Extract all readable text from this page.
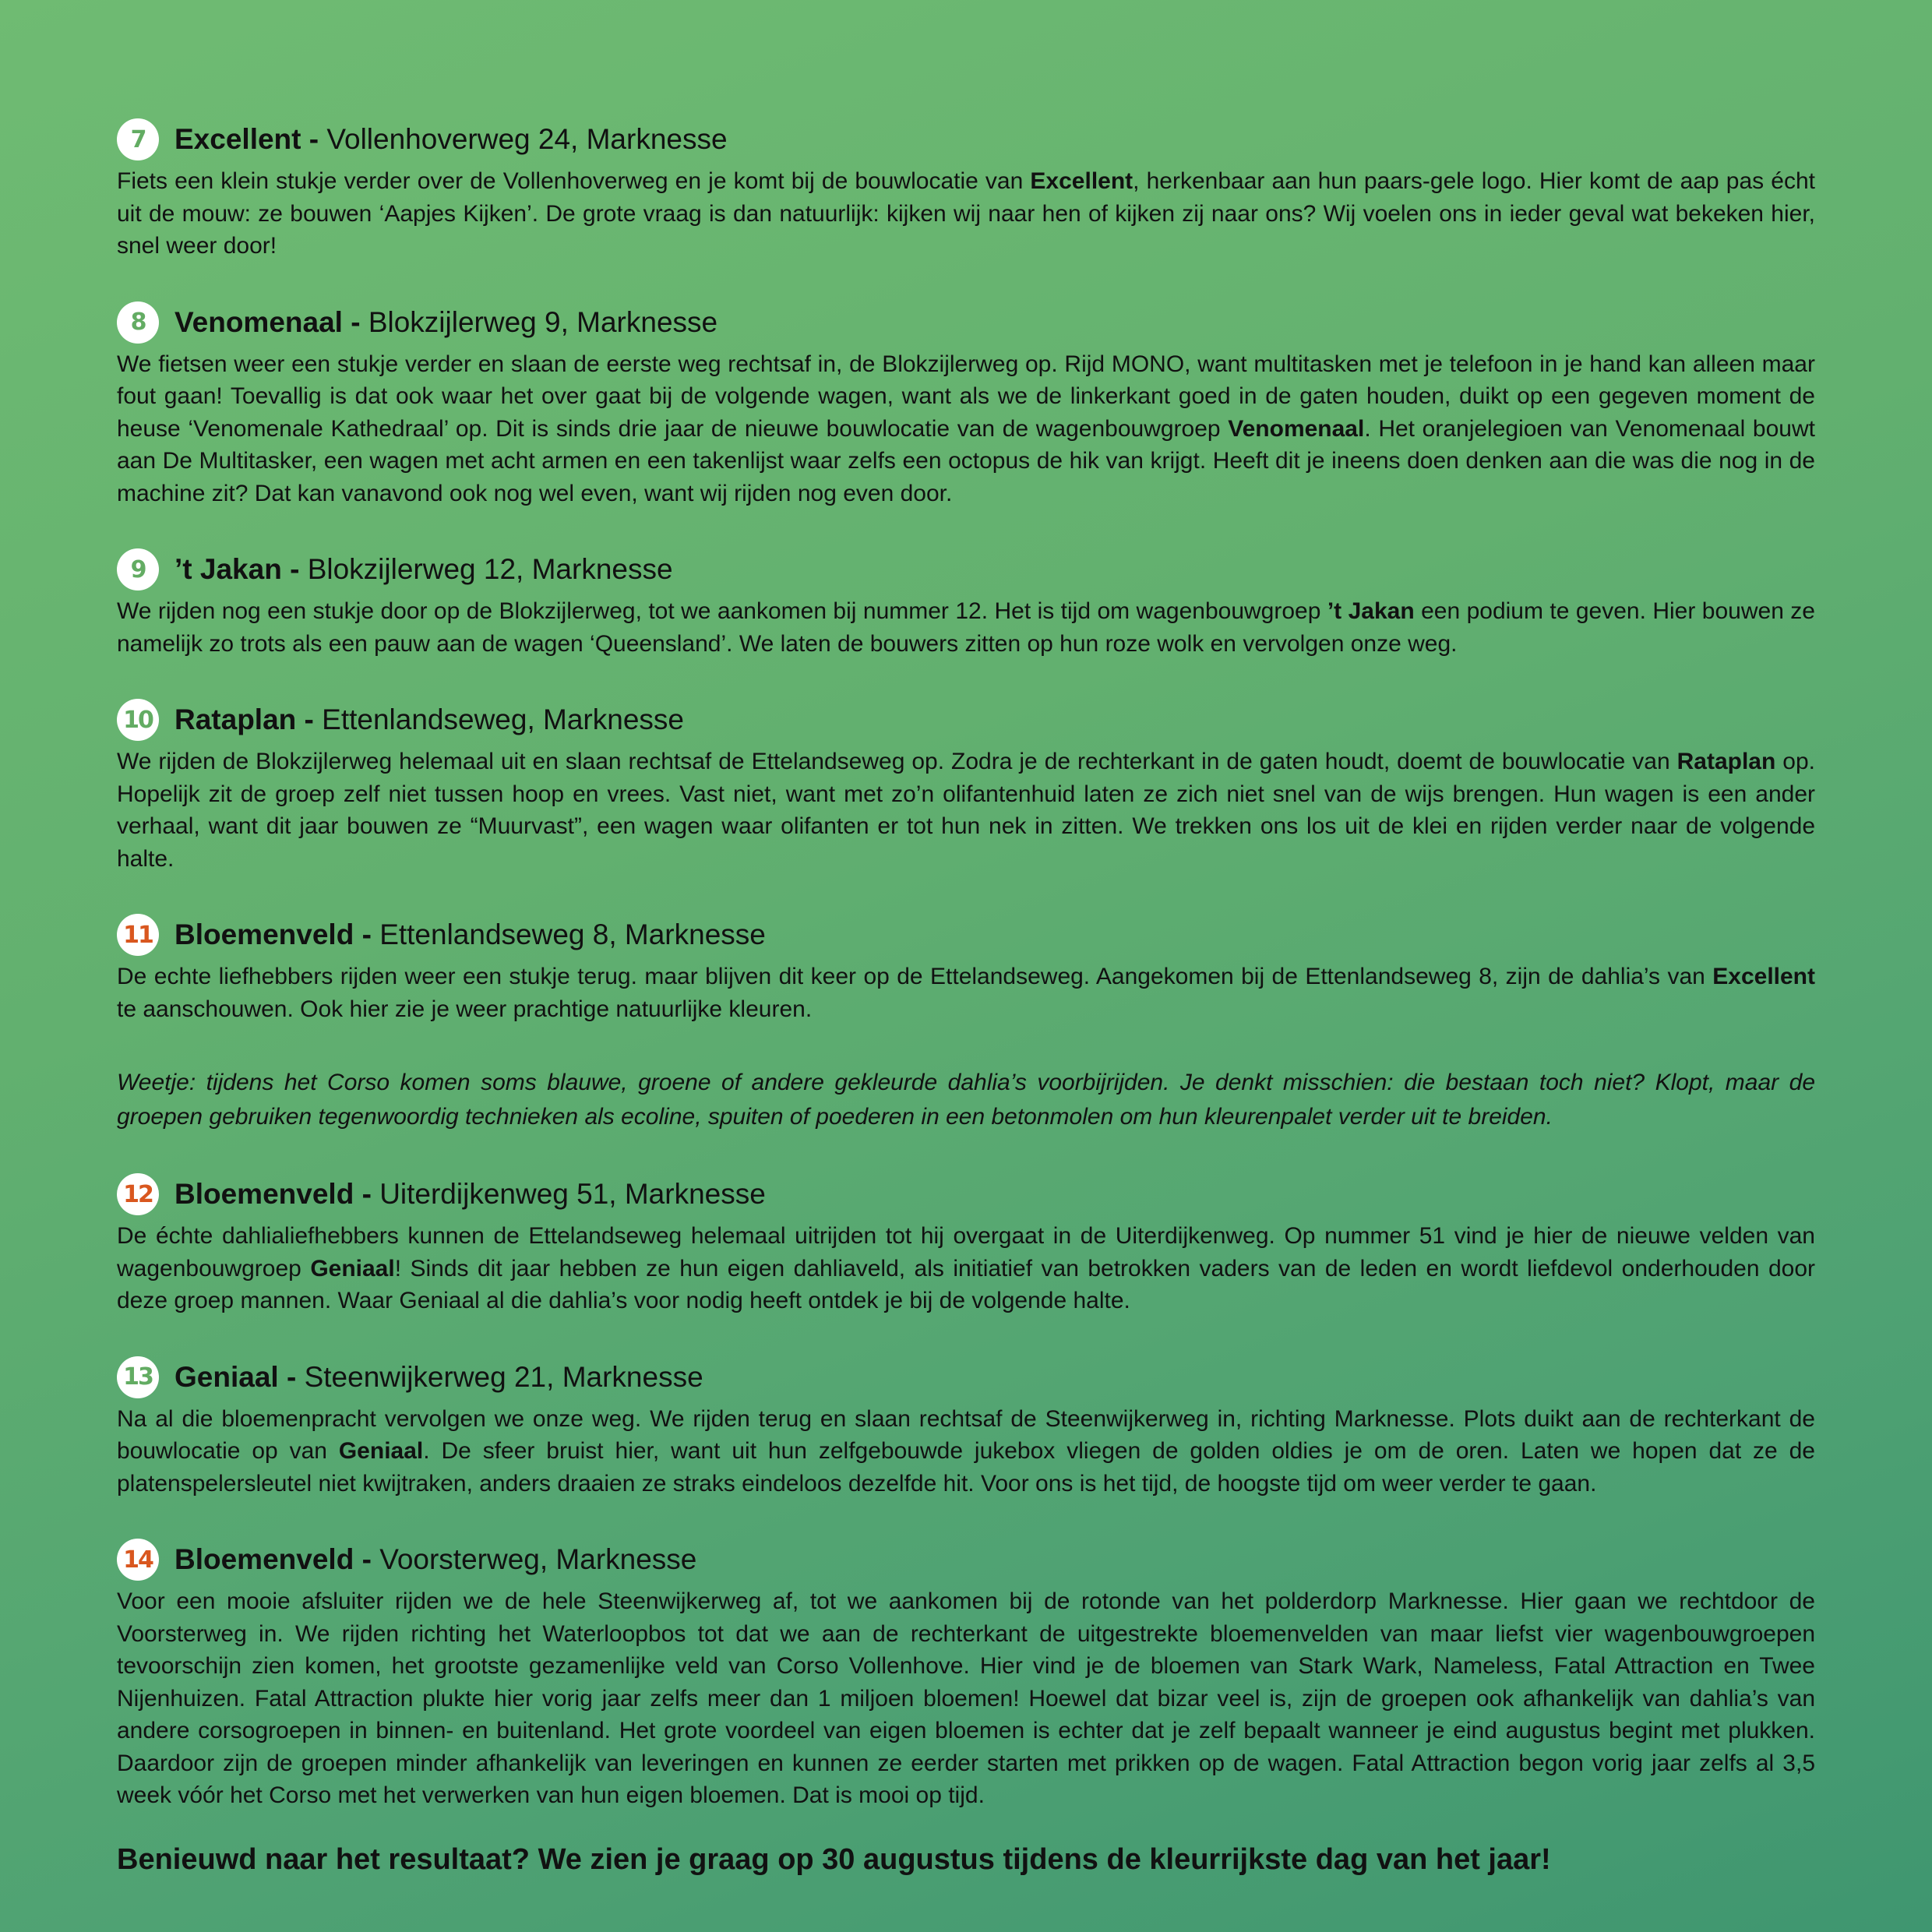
7	Excellent - Vollenhoverweg 24, Marknesse

Fiets een klein stukje verder over de Vollenhoverweg en je komt bij de bouwlocatie van Excellent, herkenbaar aan hun paars-gele logo. Hier komt de aap pas écht uit de mouw: ze bouwen ‘Aapjes Kijken’. De grote vraag is dan natuurlijk: kijken wij naar hen of kijken zij naar ons? Wij voelen ons in ieder geval wat bekeken hier, snel weer door!

8	Venomenaal - Blokzijlerweg 9, Marknesse

We fietsen weer een stukje verder en slaan de eerste weg rechtsaf in, de Blokzijlerweg op. Rijd MONO, want multitasken met je telefoon in je hand kan alleen maar fout gaan! Toevallig is dat ook waar het over gaat bij de volgende wagen, want als we de linkerkant goed in de gaten houden, duikt op een gegeven moment de heuse ‘Venomenale Kathedraal’ op. Dit is sinds drie jaar de nieuwe bouwlocatie van de wagenbouwgroep Venomenaal. Het oranjelegioen van Venomenaal bouwt aan De Multitasker, een wagen met acht armen en een takenlijst waar zelfs een octopus de hik van krijgt. Heeft dit je ineens doen denken aan die was die nog in de machine zit? Dat kan vanavond ook nog wel even, want wij rijden nog even door.

9	’t Jakan - Blokzijlerweg 12, Marknesse

We rijden nog een stukje door op de Blokzijlerweg, tot we aankomen bij nummer 12. Het is tijd om wagenbouwgroep ’t Jakan een podium te geven. Hier bouwen ze namelijk zo trots als een pauw aan de wagen ‘Queensland’. We laten de bouwers zitten op hun roze wolk en vervolgen onze weg.

10 Rataplan - Ettenlandseweg, Marknesse

We rijden de Blokzijlerweg helemaal uit en slaan rechtsaf de Ettelandseweg op. Zodra je de rechterkant in de gaten houdt, doemt de bouwlocatie van Rataplan op. Hopelijk zit de groep zelf niet tussen hoop en vrees. Vast niet, want met zo’n olifantenhuid laten ze zich niet snel van de wijs brengen. Hun wagen is een ander verhaal, want dit jaar bouwen ze “Muurvast”, een wagen waar olifanten er tot hun nek in zitten. We trekken ons los uit de klei en rijden verder naar de volgende halte.

11 Bloemenveld - Ettenlandseweg 8, Marknesse

De echte liefhebbers rijden weer een stukje terug. maar blijven dit keer op de Ettelandseweg. Aangekomen bij de Ettenlandseweg 8, zijn de dahlia’s van Excellent te aanschouwen. Ook hier zie je weer prachtige natuurlijke kleuren.

Weetje: tijdens het Corso komen soms blauwe, groene of andere gekleurde dahlia’s voorbijrijden. Je denkt misschien: die bestaan toch niet? Klopt, maar de groepen gebruiken tegenwoordig technieken als ecoline, spuiten of poederen in een betonmolen om hun kleurenpalet verder uit te breiden.

12 Bloemenveld - Uiterdijkenweg 51, Marknesse

De échte dahlialiefhebbers kunnen de Ettelandseweg helemaal uitrijden tot hij overgaat in de Uiterdijkenweg. Op nummer 51 vind je hier de nieuwe velden van wagenbouwgroep Geniaal! Sinds dit jaar hebben ze hun eigen dahliaveld, als initiatief van betrokken vaders van de leden en wordt liefdevol onderhouden door deze groep mannen. Waar Geniaal al die dahlia’s voor nodig heeft ontdek je bij de volgende halte.

13 Geniaal - Steenwijkerweg 21, Marknesse

Na al die bloemenpracht vervolgen we onze weg. We rijden terug en slaan rechtsaf de Steenwijkerweg in, richting Marknesse. Plots duikt aan de rechterkant de bouwlocatie op van Geniaal. De sfeer bruist hier, want uit hun zelfgebouwde jukebox vliegen de golden oldies je om de oren. Laten we hopen dat ze de platenspelersleutel niet kwijtraken, anders draaien ze straks eindeloos dezelfde hit. Voor ons is het tijd, de hoogste tijd om weer verder te gaan.

14 Bloemenveld - Voorsterweg, Marknesse

Voor een mooie afsluiter rijden we de hele Steenwijkerweg af, tot we aankomen bij de rotonde van het polderdorp Marknesse. Hier gaan we rechtdoor de Voorsterweg in. We rijden richting het Waterloopbos tot dat we aan de rechterkant de uitgestrekte bloemenvelden van maar liefst vier wagenbouwgroepen tevoorschijn zien komen, het grootste gezamenlijke veld van Corso Vollenhove. Hier vind je de bloemen van Stark Wark, Nameless, Fatal Attraction en Twee Nijenhuizen. Fatal Attraction plukte hier vorig jaar zelfs meer dan 1 miljoen bloemen! Hoewel dat bizar veel is, zijn de groepen ook afhankelijk van dahlia’s van andere corsogroepen in binnen- en buitenland. Het grote voordeel van eigen bloemen is echter dat je zelf bepaalt wanneer je eind augustus begint met plukken. Daardoor zijn de groepen minder afhankelijk van leveringen en kunnen ze eerder starten met prikken op de wagen. Fatal Attraction begon vorig jaar zelfs al 3,5 week vóór het Corso met het verwerken van hun eigen bloemen. Dat is mooi op tijd.

Benieuwd naar het resultaat? We zien je graag op 30 augustus tijdens de kleurrijkste dag van het jaar!
